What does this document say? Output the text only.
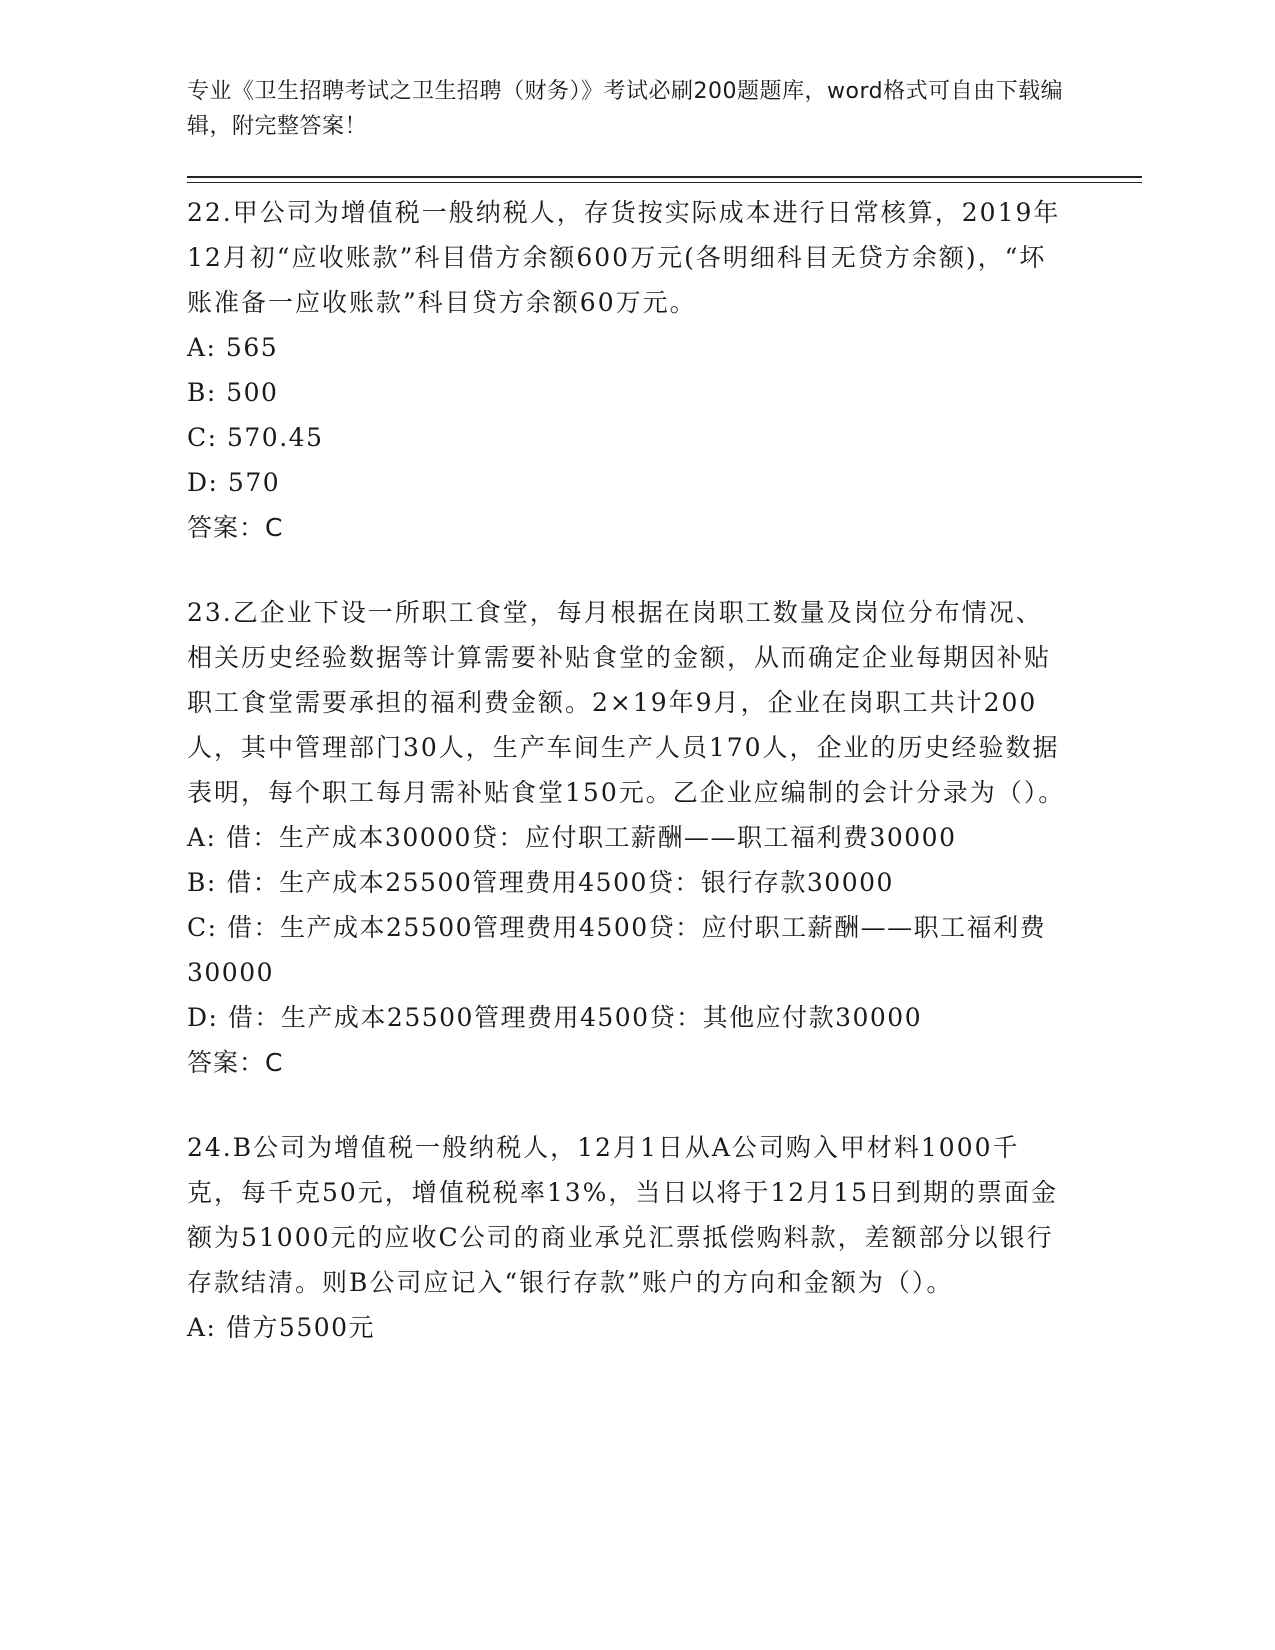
专业《卫生招聘考试之卫生招聘（财务）》考试必刷200题题库，word格式可自由下载编辑，附完整答案！

22.甲公司为增值税一般纳税人，存货按实际成本进行日常核算，2019年12月初“应收账款”科目借方余额600万元(各明细科目无贷方余额)，“坏账准备一应收账款”科目贷方余额60万元。

A: 565

B: 500

C: 570.45

D: 570

答案：C

23.乙企业下设一所职工食堂，每月根据在岗职工数量及岗位分布情况、相关历史经验数据等计算需要补贴食堂的金额，从而确定企业每期因补贴职工食堂需要承担的福利费金额。2×19年9月，企业在岗职工共计200人，其中管理部门30人，生产车间生产人员170人，企业的历史经验数据表明，每个职工每月需补贴食堂150元。乙企业应编制的会计分录为（）。

A: 借：生产成本30000贷：应付职工薪酬——职工福利费30000

B: 借：生产成本25500管理费用4500贷：银行存款30000

C: 借：生产成本25500管理费用4500贷：应付职工薪酬——职工福利费30000

D: 借：生产成本25500管理费用4500贷：其他应付款30000

答案：C

24.B公司为增值税一般纳税人，12月1日从A公司购入甲材料1000千克，每千克50元，增值税税率13%，当日以将于12月15日到期的票面金额为51000元的应收C公司的商业承兑汇票抵偿购料款，差额部分以银行存款结清。则B公司应记入“银行存款”账户的方向和金额为（）。

A: 借方5500元
